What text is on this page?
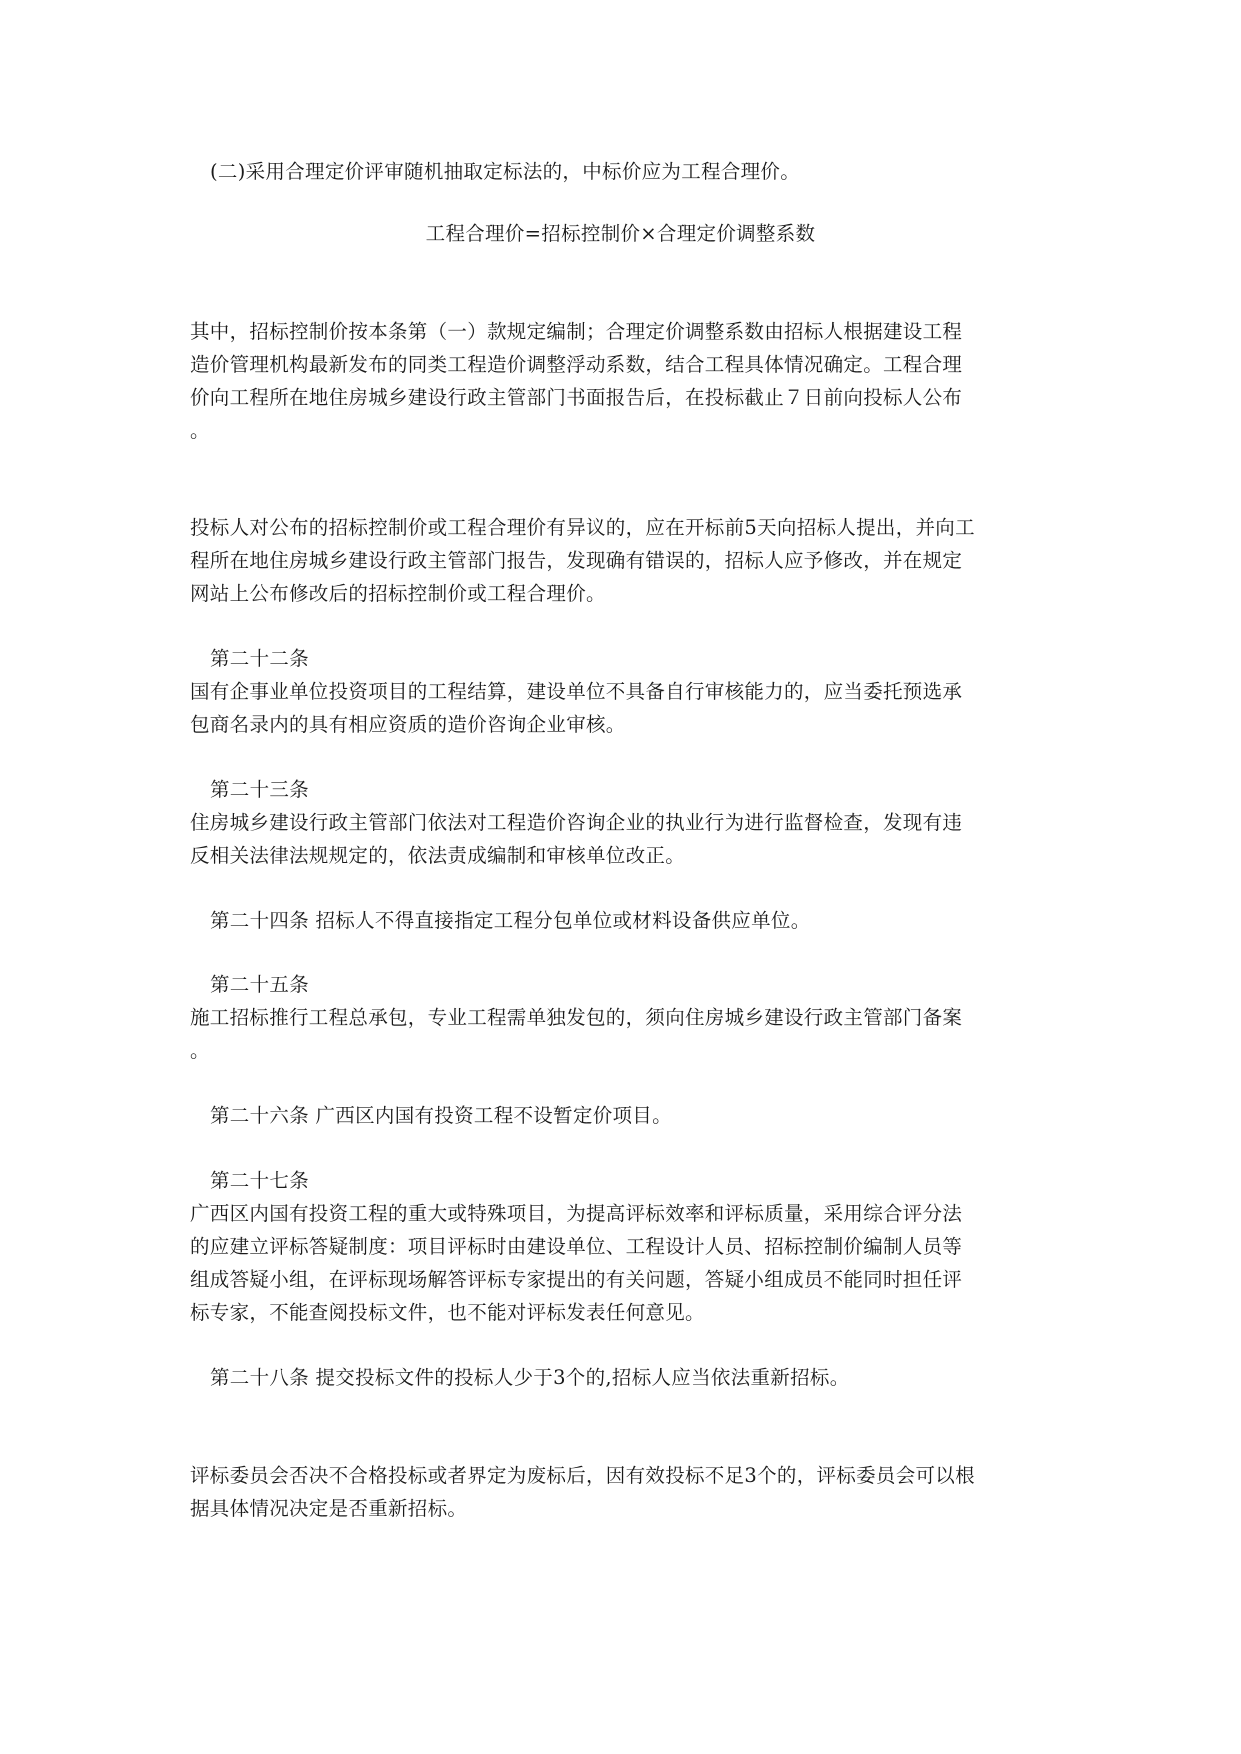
(二)采用合理定价评审随机抽取定标法的，中标价应为工程合理价。
工程合理价=招标控制价×合理定价调整系数
其中，招标控制价按本条第（一）款规定编制；合理定价调整系数由招标人根据建设工程
造价管理机构最新发布的同类工程造价调整浮动系数，结合工程具体情况确定。工程合理
价向工程所在地住房城乡建设行政主管部门书面报告后，在投标截止７日前向投标人公布
。
投标人对公布的招标控制价或工程合理价有异议的，应在开标前5天向招标人提出，并向工
程所在地住房城乡建设行政主管部门报告，发现确有错误的，招标人应予修改，并在规定
网站上公布修改后的招标控制价或工程合理价。
第二十二条
国有企事业单位投资项目的工程结算，建设单位不具备自行审核能力的，应当委托预选承
包商名录内的具有相应资质的造价咨询企业审核。
第二十三条
住房城乡建设行政主管部门依法对工程造价咨询企业的执业行为进行监督检查，发现有违
反相关法律法规规定的，依法责成编制和审核单位改正。
第二十四条 招标人不得直接指定工程分包单位或材料设备供应单位。
第二十五条
施工招标推行工程总承包，专业工程需单独发包的，须向住房城乡建设行政主管部门备案
。
第二十六条 广西区内国有投资工程不设暂定价项目。
第二十七条
广西区内国有投资工程的重大或特殊项目，为提高评标效率和评标质量，采用综合评分法
的应建立评标答疑制度：项目评标时由建设单位、工程设计人员、招标控制价编制人员等
组成答疑小组，在评标现场解答评标专家提出的有关问题，答疑小组成员不能同时担任评
标专家，不能查阅投标文件，也不能对评标发表任何意见。
第二十八条 提交投标文件的投标人少于3个的,招标人应当依法重新招标。
评标委员会否决不合格投标或者界定为废标后，因有效投标不足3个的，评标委员会可以根
据具体情况决定是否重新招标。
